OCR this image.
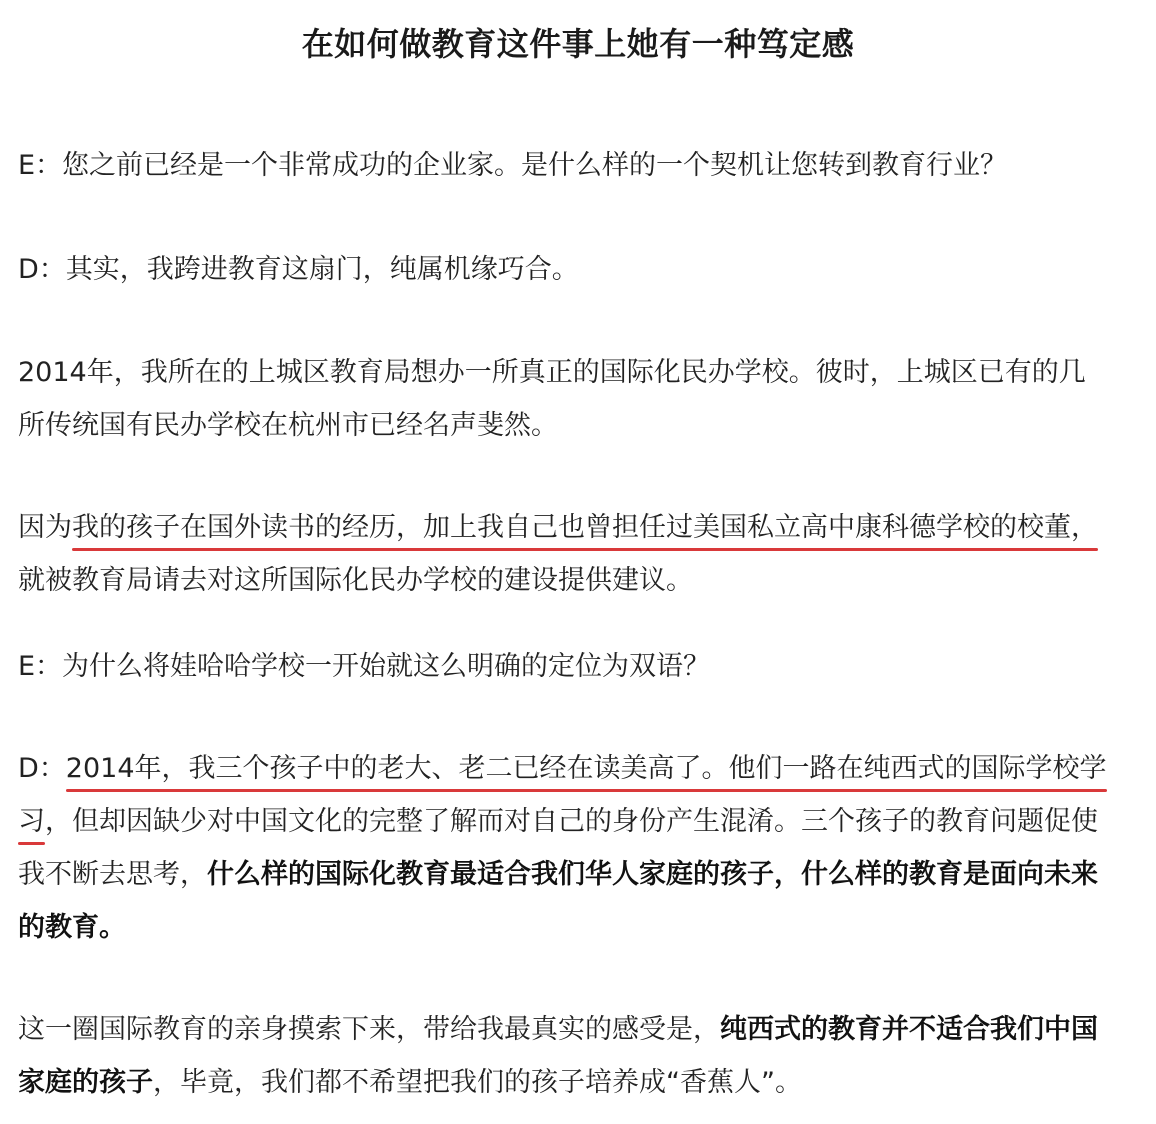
在如何做教育这件事上她有一种笃定感
E：您之前已经是一个非常成功的企业家。是什么样的一个契机让您转到教育行业？
D：其实，我跨进教育这扇门，纯属机缘巧合。
2014年，我所在的上城区教育局想办一所真正的国际化民办学校。彼时，上城区已有的几
所传统国有民办学校在杭州市已经名声斐然。
因为我的孩子在国外读书的经历，加上我自己也曾担任过美国私立高中康科德学校的校董，
就被教育局请去对这所国际化民办学校的建设提供建议。
E：为什么将娃哈哈学校一开始就这么明确的定位为双语？
D：2014年，我三个孩子中的老大、老二已经在读美高了。他们一路在纯西式的国际学校学
习，但却因缺少对中国文化的完整了解而对自己的身份产生混淆。三个孩子的教育问题促使
我不断去思考，什么样的国际化教育最适合我们华人家庭的孩子，什么样的教育是面向未来
的教育。
这一圈国际教育的亲身摸索下来，带给我最真实的感受是，纯西式的教育并不适合我们中国
家庭的孩子，毕竟，我们都不希望把我们的孩子培养成“香蕉人”。
